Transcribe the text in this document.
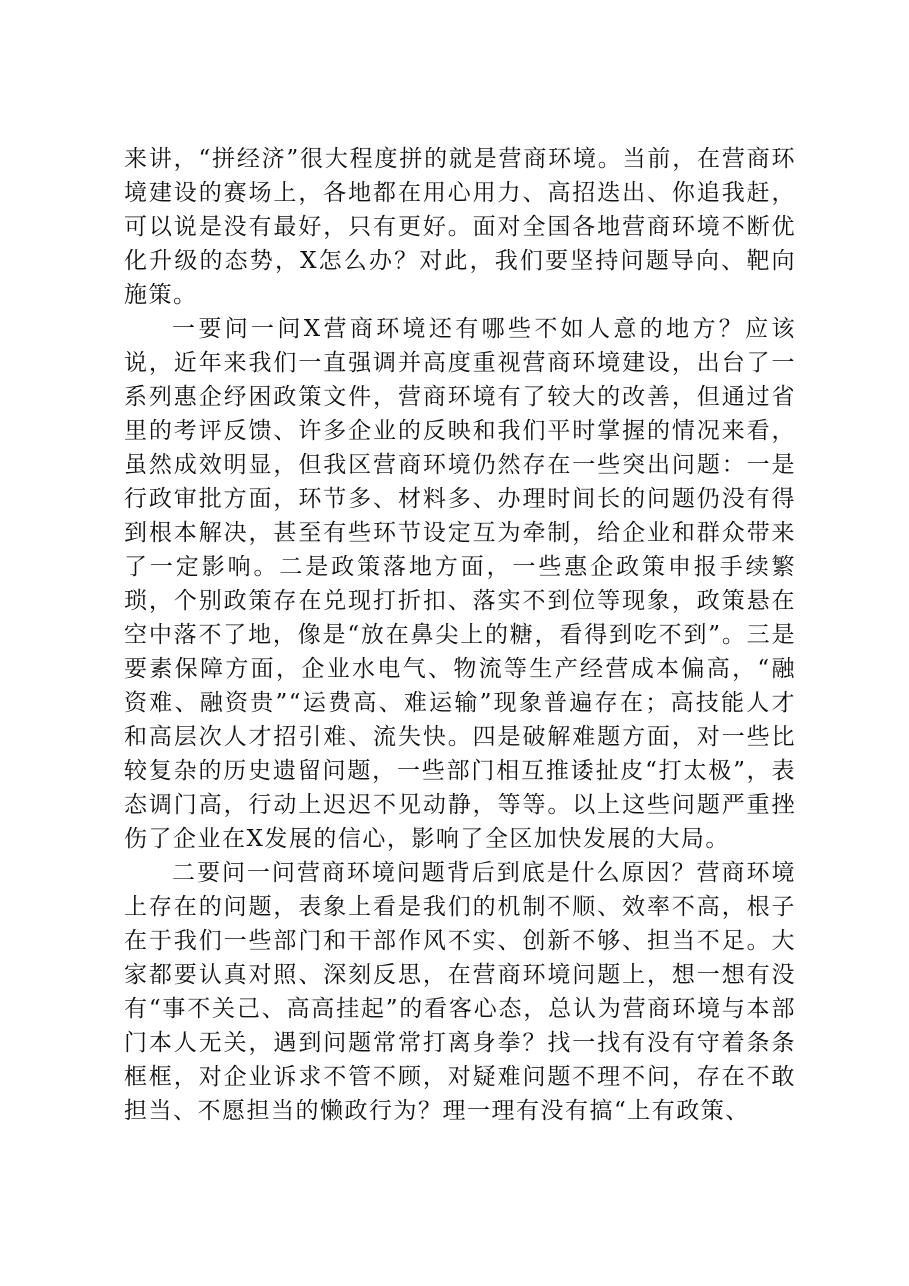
来讲，“拼经济”很大程度拼的就是营商环境。当前，在营商环境建设的赛场上，各地都在用心用力、高招迭出、你追我赶，可以说是没有最好，只有更好。面对全国各地营商环境不断优化升级的态势，X怎么办？对此，我们要坚持问题导向、靶向施策。

一要问一问X营商环境还有哪些不如人意的地方？应该说，近年来我们一直强调并高度重视营商环境建设，出台了一系列惠企纾困政策文件，营商环境有了较大的改善，但通过省里的考评反馈、许多企业的反映和我们平时掌握的情况来看，虽然成效明显，但我区营商环境仍然存在一些突出问题：一是行政审批方面，环节多、材料多、办理时间长的问题仍没有得到根本解决，甚至有些环节设定互为牵制，给企业和群众带来了一定影响。二是政策落地方面，一些惠企政策申报手续繁琐，个别政策存在兑现打折扣、落实不到位等现象，政策悬在空中落不了地，像是“放在鼻尖上的糖，看得到吃不到”。三是要素保障方面，企业水电气、物流等生产经营成本偏高，“融资难、融资贵”“运费高、难运输”现象普遍存在；高技能人才和高层次人才招引难、流失快。四是破解难题方面，对一些比较复杂的历史遗留问题，一些部门相互推诿扯皮“打太极”，表态调门高，行动上迟迟不见动静，等等。以上这些问题严重挫伤了企业在X发展的信心，影响了全区加快发展的大局。

二要问一问营商环境问题背后到底是什么原因？营商环境上存在的问题，表象上看是我们的机制不顺、效率不高，根子在于我们一些部门和干部作风不实、创新不够、担当不足。大家都要认真对照、深刻反思，在营商环境问题上，想一想有没有“事不关己、高高挂起”的看客心态，总认为营商环境与本部门本人无关，遇到问题常常打离身拳？找一找有没有守着条条框框，对企业诉求不管不顾，对疑难问题不理不问，存在不敢担当、不愿担当的懒政行为？理一理有没有搞“上有政策、
